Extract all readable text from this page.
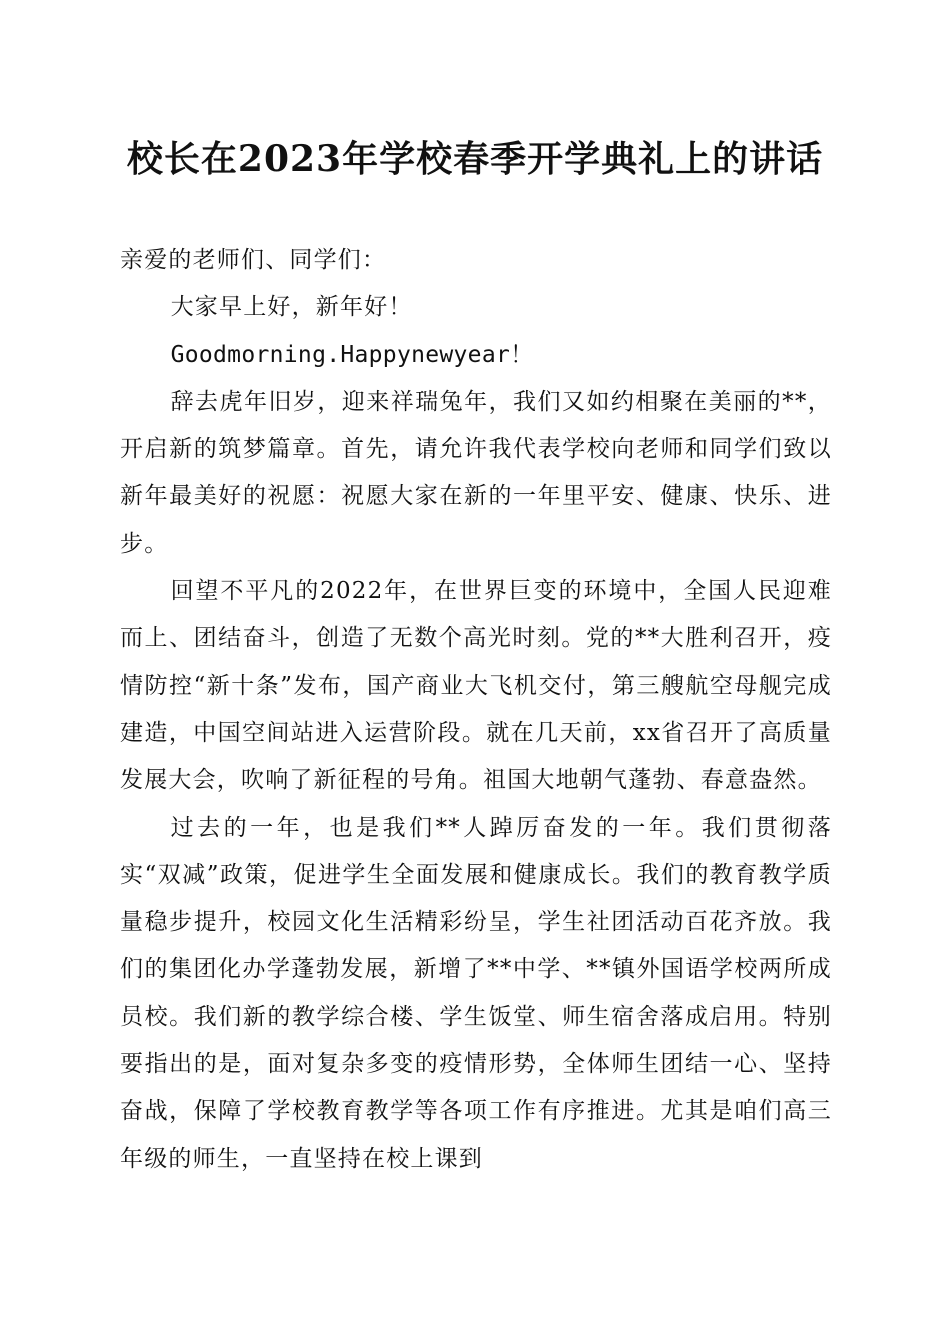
校长在2023年学校春季开学典礼上的讲话

亲爱的老师们、同学们：

大家早上好，新年好！

Goodmorning.Happynewyear！

辞去虎年旧岁，迎来祥瑞兔年，我们又如约相聚在美丽的**，开启新的筑梦篇章。首先，请允许我代表学校向老师和同学们致以新年最美好的祝愿：祝愿大家在新的一年里平安、健康、快乐、进步。

回望不平凡的2022年，在世界巨变的环境中，全国人民迎难而上、团结奋斗，创造了无数个高光时刻。党的**大胜利召开，疫情防控“新十条”发布，国产商业大飞机交付，第三艘航空母舰完成建造，中国空间站进入运营阶段。就在几天前，xx省召开了高质量发展大会，吹响了新征程的号角。祖国大地朝气蓬勃、春意盎然。

过去的一年，也是我们**人踔厉奋发的一年。我们贯彻落实“双减”政策，促进学生全面发展和健康成长。我们的教育教学质量稳步提升，校园文化生活精彩纷呈，学生社团活动百花齐放。我们的集团化办学蓬勃发展，新增了**中学、**镇外国语学校两所成员校。我们新的教学综合楼、学生饭堂、师生宿舍落成启用。特别要指出的是，面对复杂多变的疫情形势，全体师生团结一心、坚持奋战，保障了学校教育教学等各项工作有序推进。尤其是咱们高三年级的师生，一直坚持在校上课到
